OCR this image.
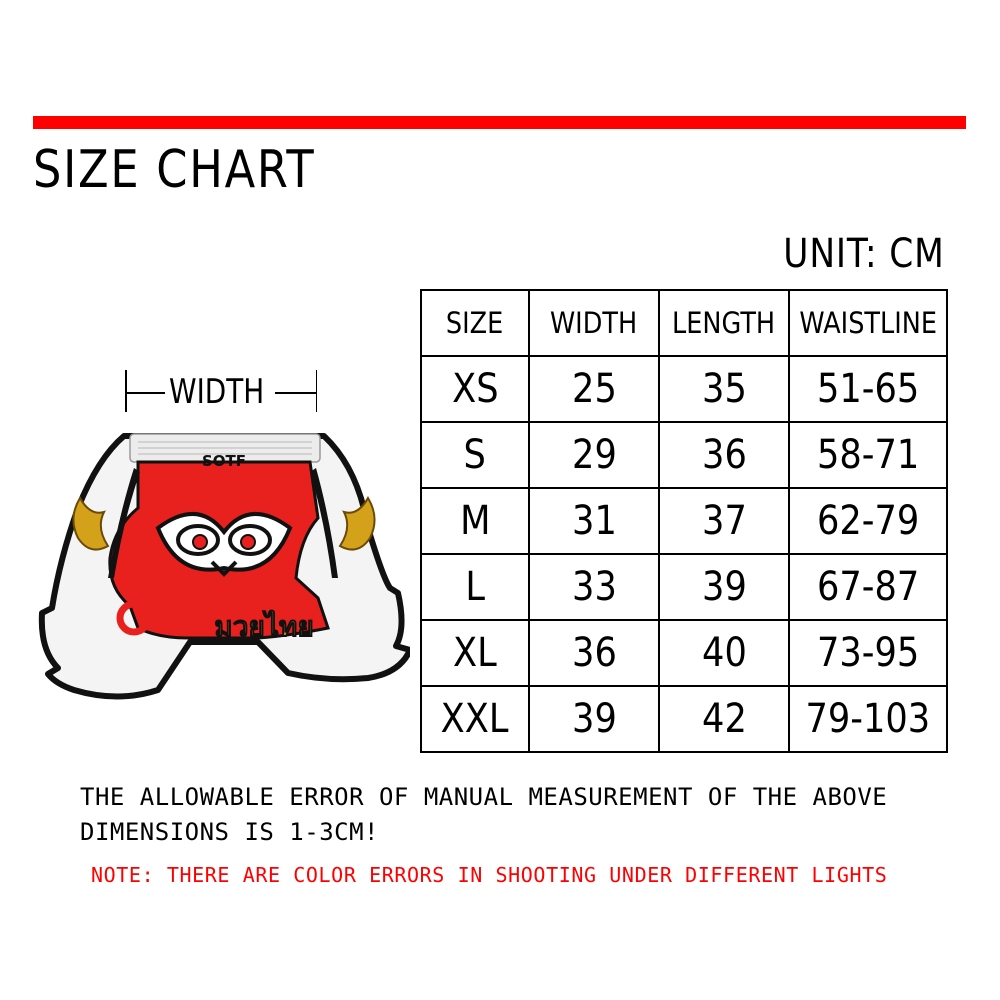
SIZE CHART
UNIT: CM
WIDTH
SOTF
มวยไทย
SIZE	WIDTH	LENGTH	WAISTLINE
XS	25	35	51-65
S	29	36	58-71
M	31	37	62-79
L	33	39	67-87
XL	36	40	73-95
XXL	39	42	79-103
THE ALLOWABLE ERROR OF MANUAL MEASUREMENT OF THE ABOVE DIMENSIONS IS 1-3CM!
NOTE: THERE ARE COLOR ERRORS IN SHOOTING UNDER DIFFERENT LIGHTS
